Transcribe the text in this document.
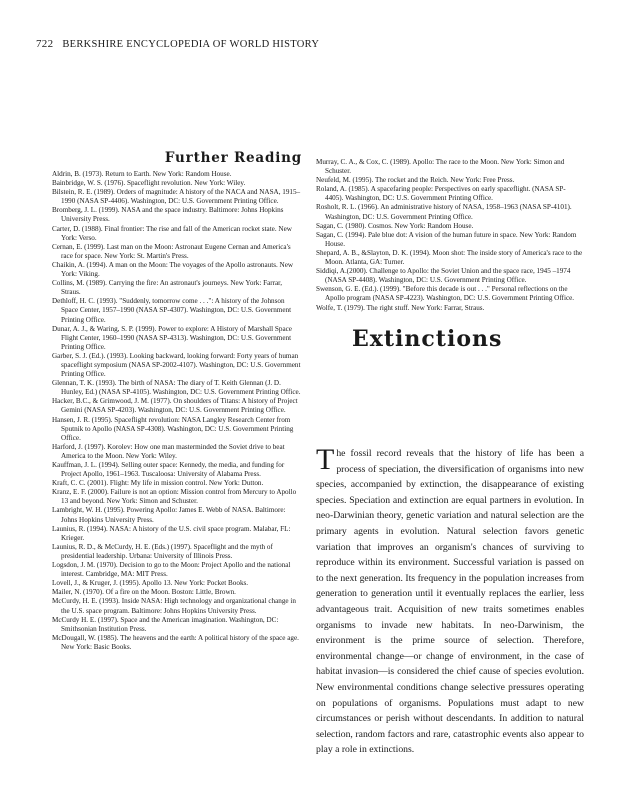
722 BERKSHIRE ENCYCLOPEDIA OF WORLD HISTORY
Further Reading

Aldrin, B. (1973). Return to Earth. New York: Random House.

Bainbridge, W. S. (1976). Spaceflight revolution. New York: Wiley.

Bilstein, R. E. (1989). Orders of magnitude: A history of the NACA and NASA, 1915–1990 (NASA SP-4406). Washington, DC: U.S. Government Printing Office.

Bromberg, J. L. (1999). NASA and the space industry. Baltimore: Johns Hopkins University Press.

Carter, D. (1988). Final frontier: The rise and fall of the American rocket state. New York: Verso.

Cernan, E. (1999). Last man on the Moon: Astronaut Eugene Cernan and America's race for space. New York: St. Martin's Press.

Chaikin, A. (1994). A man on the Moon: The voyages of the Apollo astronauts. New York: Viking.

Collins, M. (1989). Carrying the fire: An astronaut's journeys. New York: Farrar, Straus.

Dethloff, H. C. (1993). "Suddenly, tomorrow come . . .": A history of the Johnson Space Center, 1957–1990 (NASA SP-4307). Washington, DC: U.S. Government Printing Office.

Dunar, A. J., & Waring, S. P. (1999). Power to explore: A History of Marshall Space Flight Center, 1960–1990 (NASA SP-4313). Washington, DC: U.S. Government Printing Office.

Garber, S. J. (Ed.). (1993). Looking backward, looking forward: Forty years of human spaceflight symposium (NASA SP-2002-4107). Washington, DC: U.S. Government Printing Office.

Glennan, T. K. (1993). The birth of NASA: The diary of T. Keith Glennan (J. D. Hunley, Ed.) (NASA SP-4105). Washington, DC: U.S. Government Printing Office.

Hacker, B.C., & Grimwood, J. M. (1977). On shoulders of Titans: A history of Project Gemini (NASA SP-4203). Washington, DC: U.S. Government Printing Office.

Hansen, J. R. (1995). Spaceflight revolution: NASA Langley Research Center from Sputnik to Apollo (NASA SP-4308). Washington, DC: U.S. Government Printing Office.

Harford, J. (1997). Korolev: How one man masterminded the Soviet drive to beat America to the Moon. New York: Wiley.

Kauffman, J. L. (1994). Selling outer space: Kennedy, the media, and funding for Project Apollo, 1961–1963. Tuscaloosa: University of Alabama Press.

Kraft, C. C. (2001). Flight: My life in mission control. New York: Dutton.

Kranz, E. F. (2000). Failure is not an option: Mission control from Mercury to Apollo 13 and beyond. New York: Simon and Schuster.

Lambright, W. H. (1995). Powering Apollo: James E. Webb of NASA. Baltimore: Johns Hopkins University Press.

Launius, R. (1994). NASA: A history of the U.S. civil space program. Malabar, FL: Krieger.

Launius, R. D., & McCurdy, H. E. (Eds.) (1997). Spaceflight and the myth of presidential leadership. Urbana: University of Illinois Press.

Logsdon, J. M. (1970). Decision to go to the Moon: Project Apollo and the national interest. Cambridge, MA: MIT Press.

Lovell, J., & Kruger, J. (1995). Apollo 13. New York: Pocket Books.

Mailer, N. (1970). Of a fire on the Moon. Boston: Little, Brown.

McCurdy, H. E. (1993). Inside NASA: High technology and organizational change in the U.S. space program. Baltimore: Johns Hopkins University Press.

McCurdy H. E. (1997). Space and the American imagination. Washington, DC: Smithsonian Institution Press.

McDougall, W. (1985). The heavens and the earth: A political history of the space age. New York: Basic Books.

Murray, C. A., & Cox, C. (1989). Apollo: The race to the Moon. New York: Simon and Schuster.

Neufeld, M. (1995). The rocket and the Reich. New York: Free Press.

Roland, A. (1985). A spacefaring people: Perspectives on early spaceflight. (NASA SP-4405). Washington, DC: U.S. Government Printing Office.

Rosholt, R. L. (1966). An administrative history of NASA, 1958–1963 (NASA SP-4101). Washington, DC: U.S. Government Printing Office.

Sagan, C. (1980). Cosmos. New York: Random House.

Sagan, C. (1994). Pale blue dot: A vision of the human future in space. New York: Random House.

Shepard, A. B., &Slayton, D. K. (1994). Moon shot: The inside story of America's race to the Moon. Atlanta, GA: Turner.

Siddiqi, A.(2000). Challenge to Apollo: the Soviet Union and the space race, 1945 –1974 (NASA SP-4408). Washington, DC: U.S. Government Printing Office.

Swenson, G. E. (Ed.). (1999). "Before this decade is out . . ." Personal reflections on the Apollo program (NASA SP-4223). Washington, DC: U.S. Government Printing Office.

Wolfe, T. (1979). The right stuff. New York: Farrar, Straus.

Extinctions
The fossil record reveals that the history of life has been a process of speciation, the diversification of organisms into new species, accompanied by extinction, the disappearance of existing species. Speciation and extinction are equal partners in evolution. In neo-Darwinian theory, genetic variation and natural selection are the primary agents in evolution. Natural selection favors genetic variation that improves an organism's chances of surviving to reproduce within its environment. Successful variation is passed on to the next generation. Its frequency in the population increases from generation to generation until it eventually replaces the earlier, less advantageous trait. Acquisition of new traits sometimes enables organisms to invade new habitats. In neo-Darwinism, the environment is the prime source of selection. Therefore, environmental change—or change of environment, in the case of habitat invasion—is considered the chief cause of species evolution. New environmental conditions change selective pressures operating on populations of organisms. Populations must adapt to new circumstances or perish without descendants. In addition to natural selection, random factors and rare, catastrophic events also appear to play a role in extinctions.
